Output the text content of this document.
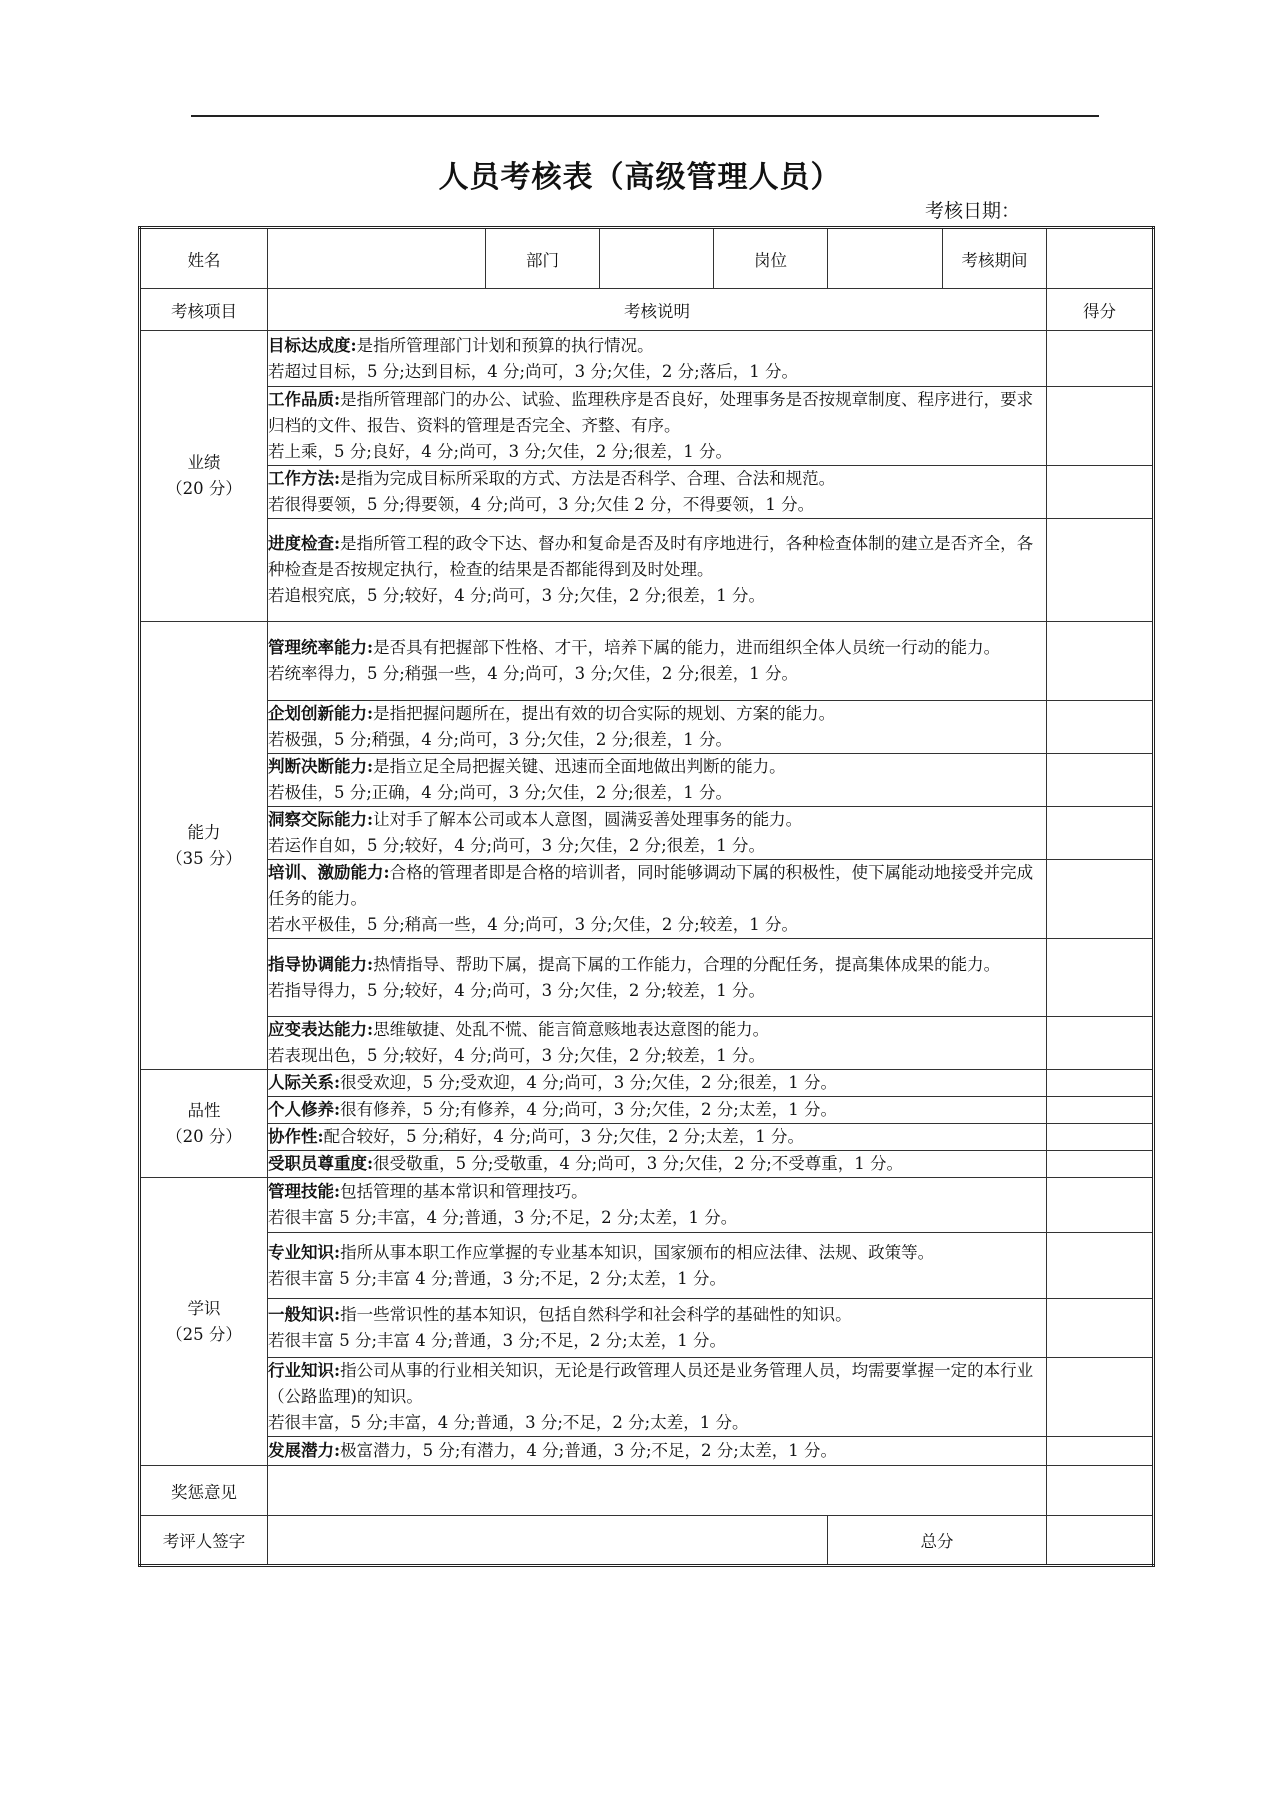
人员考核表（高级管理人员）
考核日期：
姓名		部门		岗位		考核期间	
考核项目	考核说明						得分

业绩
（20 分）	目标达成度:是指所管理部门计划和预算的执行情况。
若超过目标，5 分;达到目标，4 分;尚可，3 分;欠佳，2 分;落后，1 分。						
	工作品质:是指所管理部门的办公、试验、监理秩序是否良好，处理事务是否按规章制度、程序进行，要求归档的文件、报告、资料的管理是否完全、齐整、有序。
若上乘，5 分;良好，4 分;尚可，3 分;欠佳，2 分;很差，1 分。						
	工作方法:是指为完成目标所采取的方式、方法是否科学、合理、合法和规范。
若很得要领，5 分;得要领，4 分;尚可，3 分;欠佳 2 分，不得要领，1 分。						
	进度检查:是指所管工程的政令下达、督办和复命是否及时有序地进行，各种检查体制的建立是否齐全，各种检查是否按规定执行，检查的结果是否都能得到及时处理。
若追根究底，5 分;较好，4 分;尚可，3 分;欠佳，2 分;很差，1 分。						

能力
（35 分）	管理统率能力:是否具有把握部下性格、才干，培养下属的能力，进而组织全体人员统一行动的能力。
若统率得力，5 分;稍强一些，4 分;尚可，3 分;欠佳，2 分;很差，1 分。						
	企划创新能力:是指把握问题所在，提出有效的切合实际的规划、方案的能力。
若极强，5 分;稍强，4 分;尚可，3 分;欠佳，2 分;很差，1 分。						
	判断决断能力:是指立足全局把握关键、迅速而全面地做出判断的能力。
若极佳，5 分;正确，4 分;尚可，3 分;欠佳，2 分;很差，1 分。						
	洞察交际能力:让对手了解本公司或本人意图，圆满妥善处理事务的能力。
若运作自如，5 分;较好，4 分;尚可，3 分;欠佳，2 分;很差，1 分。						
	培训、激励能力:合格的管理者即是合格的培训者，同时能够调动下属的积极性，使下属能动地接受并完成任务的能力。
若水平极佳，5 分;稍高一些，4 分;尚可，3 分;欠佳，2 分;较差，1 分。						
	指导协调能力:热情指导、帮助下属，提高下属的工作能力，合理的分配任务，提高集体成果的能力。
若指导得力，5 分;较好，4 分;尚可，3 分;欠佳，2 分;较差，1 分。						
	应变表达能力:思维敏捷、处乱不慌、能言简意赅地表达意图的能力。
若表现出色，5 分;较好，4 分;尚可，3 分;欠佳，2 分;较差，1 分。						

品性
（20 分）	人际关系:很受欢迎，5 分;受欢迎，4 分;尚可，3 分;欠佳，2 分;很差，1 分。						
	个人修养:很有修养，5 分;有修养，4 分;尚可，3 分;欠佳，2 分;太差，1 分。						
	协作性:配合较好，5 分;稍好，4 分;尚可，3 分;欠佳，2 分;太差，1 分。						
	受职员尊重度:很受敬重，5 分;受敬重，4 分;尚可，3 分;欠佳，2 分;不受尊重，1 分。						

学识
（25 分）	管理技能:包括管理的基本常识和管理技巧。
若很丰富 5 分;丰富，4 分;普通，3 分;不足，2 分;太差，1 分。						
	专业知识:指所从事本职工作应掌握的专业基本知识，国家颁布的相应法律、法规、政策等。
若很丰富 5 分;丰富 4 分;普通，3 分;不足，2 分;太差，1 分。						
	一般知识:指一些常识性的基本知识，包括自然科学和社会科学的基础性的知识。
若很丰富 5 分;丰富 4 分;普通，3 分;不足，2 分;太差，1 分。						
	行业知识:指公司从事的行业相关知识，无论是行政管理人员还是业务管理人员，均需要掌握一定的本行业（公路监理)的知识。
若很丰富，5 分;丰富，4 分;普通，3 分;不足，2 分;太差，1 分。						
	发展潜力:极富潜力，5 分;有潜力，4 分;普通，3 分;不足，2 分;太差，1 分。						
奖惩意见							
考评人签字					总分		
